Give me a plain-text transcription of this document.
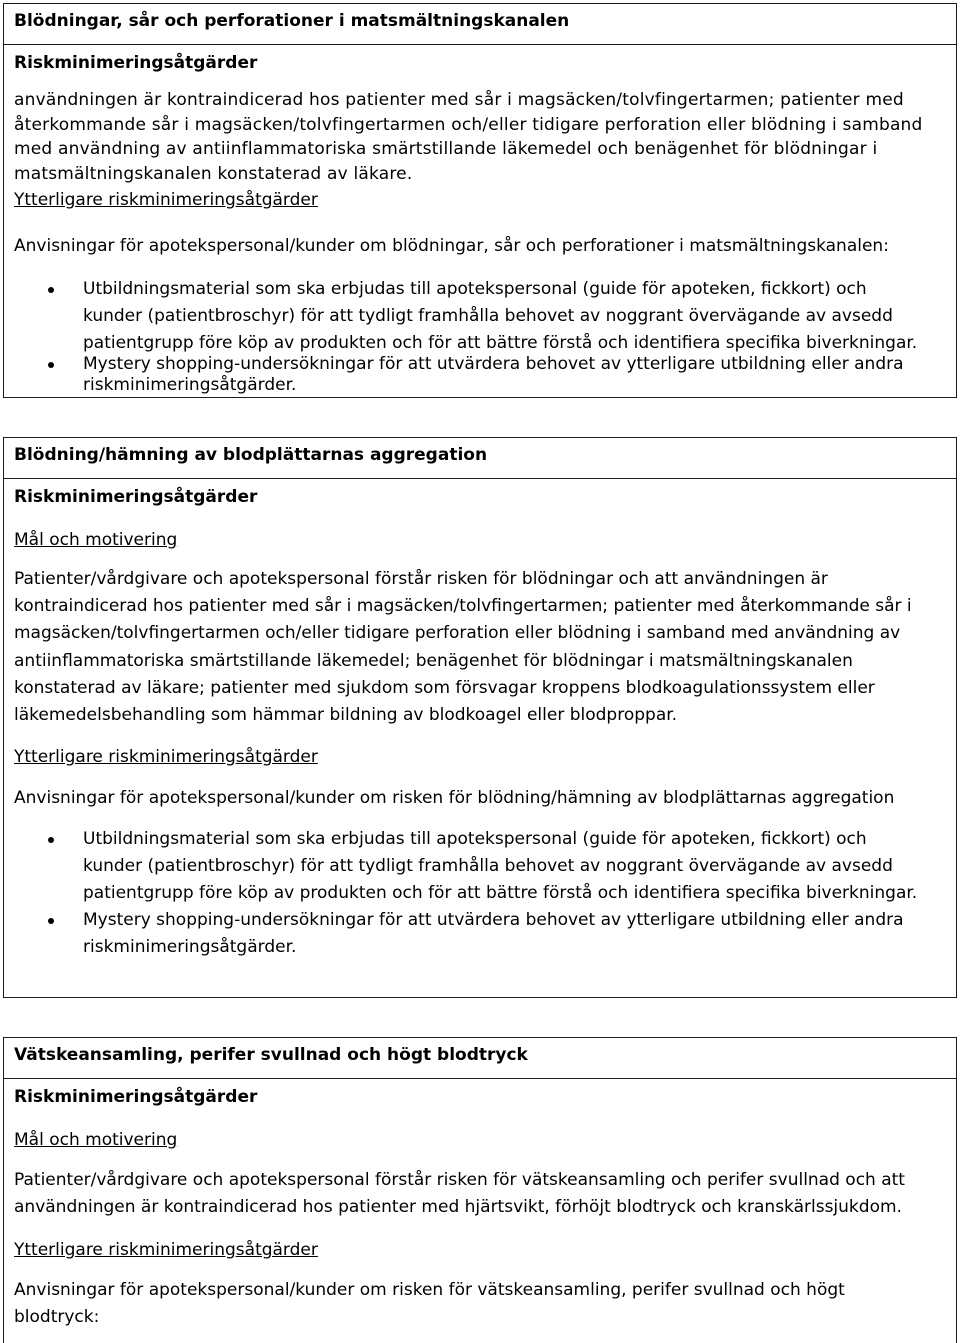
Blödningar, sår och perforationer i matsmältningskanalen
Riskminimeringsåtgärder
användningen är kontraindicerad hos patienter med sår i magsäcken/tolvfingertarmen; patienter med
återkommande sår i magsäcken/tolvfingertarmen och/eller tidigare perforation eller blödning i samband
med användning av antiinflammatoriska smärtstillande läkemedel och benägenhet för blödningar i
matsmältningskanalen konstaterad av läkare.
Ytterligare riskminimeringsåtgärder
Anvisningar för apotekspersonal/kunder om blödningar, sår och perforationer i matsmältningskanalen:
Utbildningsmaterial som ska erbjudas till apotekspersonal (guide för apoteken, fickkort) och
kunder (patientbroschyr) för att tydligt framhålla behovet av noggrant övervägande av avsedd
patientgrupp före köp av produkten och för att bättre förstå och identifiera specifika biverkningar.
Mystery shopping-undersökningar för att utvärdera behovet av ytterligare utbildning eller andra
riskminimeringsåtgärder.
Blödning/hämning av blodplättarnas aggregation
Riskminimeringsåtgärder
Mål och motivering
Patienter/vårdgivare och apotekspersonal förstår risken för blödningar och att användningen är
kontraindicerad hos patienter med sår i magsäcken/tolvfingertarmen; patienter med återkommande sår i
magsäcken/tolvfingertarmen och/eller tidigare perforation eller blödning i samband med användning av
antiinflammatoriska smärtstillande läkemedel; benägenhet för blödningar i matsmältningskanalen
konstaterad av läkare; patienter med sjukdom som försvagar kroppens blodkoagulationssystem eller
läkemedelsbehandling som hämmar bildning av blodkoagel eller blodproppar.
Ytterligare riskminimeringsåtgärder
Anvisningar för apotekspersonal/kunder om risken för blödning/hämning av blodplättarnas aggregation
Utbildningsmaterial som ska erbjudas till apotekspersonal (guide för apoteken, fickkort) och
kunder (patientbroschyr) för att tydligt framhålla behovet av noggrant övervägande av avsedd
patientgrupp före köp av produkten och för att bättre förstå och identifiera specifika biverkningar.
Mystery shopping-undersökningar för att utvärdera behovet av ytterligare utbildning eller andra
riskminimeringsåtgärder.
Vätskeansamling, perifer svullnad och högt blodtryck
Riskminimeringsåtgärder
Mål och motivering
Patienter/vårdgivare och apotekspersonal förstår risken för vätskeansamling och perifer svullnad och att
användningen är kontraindicerad hos patienter med hjärtsvikt, förhöjt blodtryck och kranskärlssjukdom.
Ytterligare riskminimeringsåtgärder
Anvisningar för apotekspersonal/kunder om risken för vätskeansamling, perifer svullnad och högt
blodtryck:
